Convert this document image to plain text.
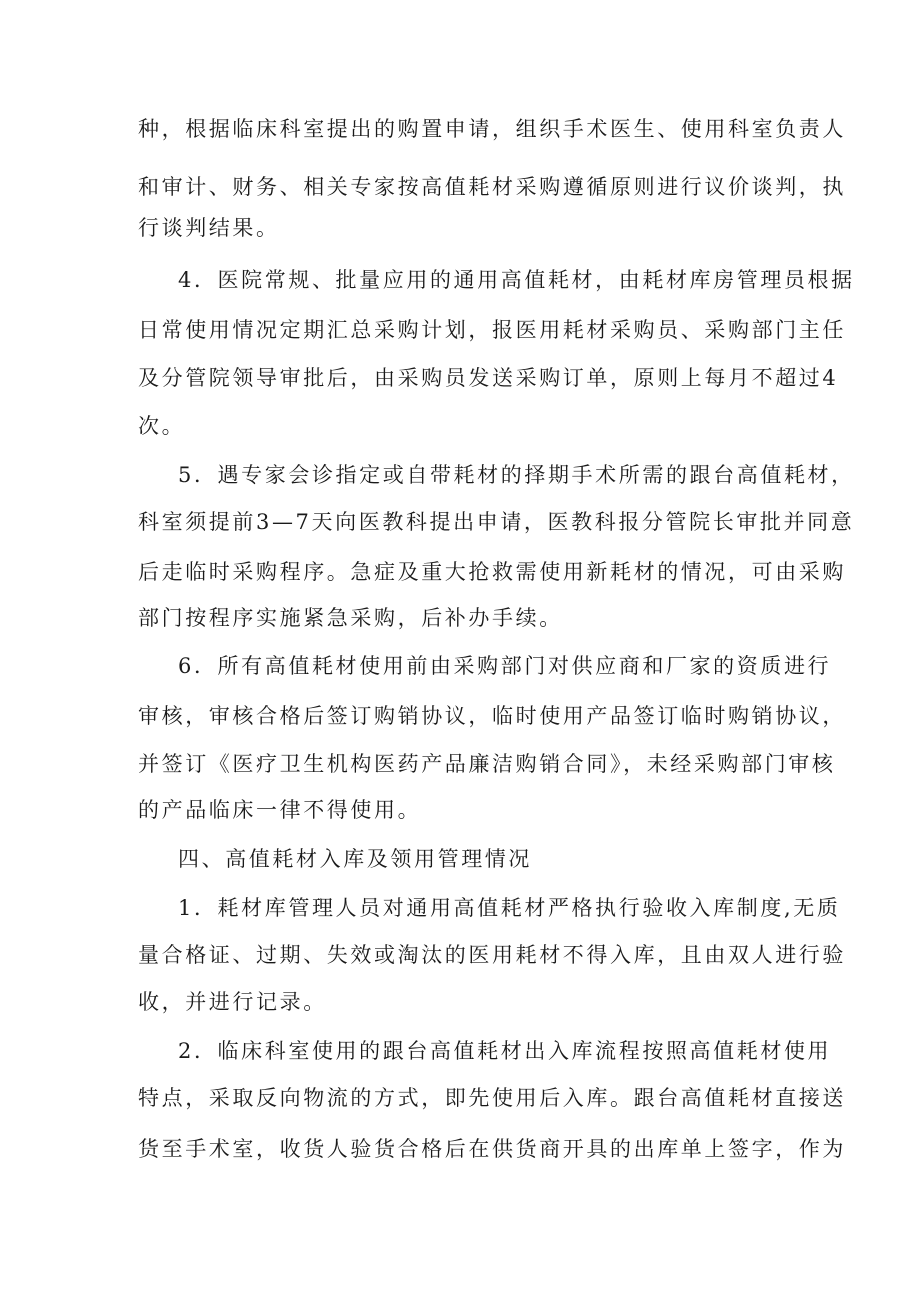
种，根据临床科室提出的购置申请，组织手术医生、使用科室负责人
和审计、财务、相关专家按高值耗材采购遵循原则进行议价谈判，执
行谈判结果。
4．医院常规、批量应用的通用高值耗材，由耗材库房管理员根据
日常使用情况定期汇总采购计划，报医用耗材采购员、采购部门主任
及分管院领导审批后，由采购员发送采购订单，原则上每月不超过4
次。
5．遇专家会诊指定或自带耗材的择期手术所需的跟台高值耗材，
科室须提前3—7天向医教科提出申请，医教科报分管院长审批并同意
后走临时采购程序。急症及重大抢救需使用新耗材的情况，可由采购
部门按程序实施紧急采购，后补办手续。
6．所有高值耗材使用前由采购部门对供应商和厂家的资质进行
审核，审核合格后签订购销协议，临时使用产品签订临时购销协议，
并签订《医疗卫生机构医药产品廉洁购销合同》，未经采购部门审核
的产品临床一律不得使用。
四、高值耗材入库及领用管理情况
1．耗材库管理人员对通用高值耗材严格执行验收入库制度,无质
量合格证、过期、失效或淘汰的医用耗材不得入库，且由双人进行验
收，并进行记录。
2．临床科室使用的跟台高值耗材出入库流程按照高值耗材使用
特点，采取反向物流的方式，即先使用后入库。跟台高值耗材直接送
货至手术室，收货人验货合格后在供货商开具的出库单上签字，作为
